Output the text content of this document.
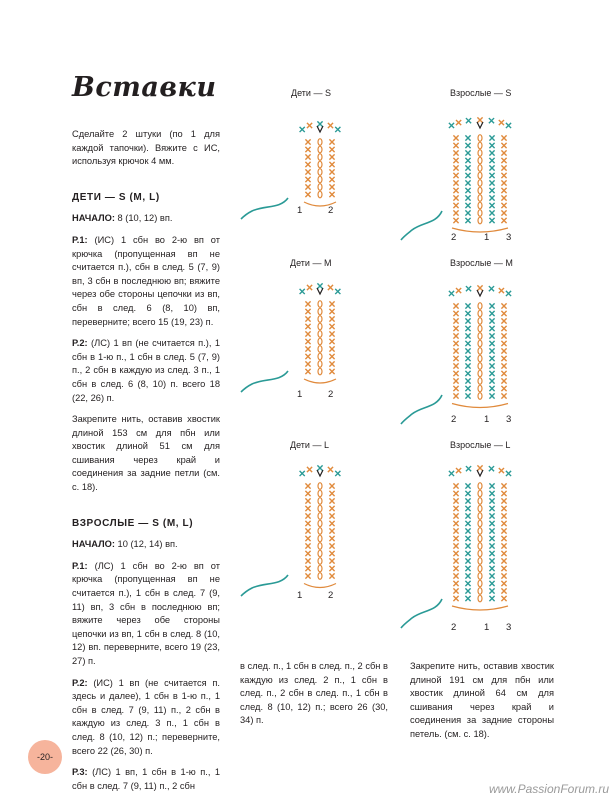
Вставки

Сделайте 2 штуки (по 1 для каждой тапочки). Вяжите с ИС, используя крючок 4 мм.

ДЕТИ — S (M, L)

НАЧАЛО: 8 (10, 12) вп.

Р.1: (ИС) 1 сбн во 2-ю вп от крючка (пропущенная вп не считается п.), сбн в след. 5 (7, 9) вп, 3 сбн в последнюю вп; вяжите через обе стороны цепочки из вп, сбн в след. 6 (8, 10) вп, переверните; всего 15 (19, 23) п.

Р.2: (ЛС) 1 вп (не считается п.), 1 сбн в 1-ю п., 1 сбн в след. 5 (7, 9) п., 2 сбн в каждую из след. 3 п., 1 сбн в след. 6 (8, 10) п. всего 18 (22, 26) п.

Закрепите нить, оставив хвостик длиной 153 см для пбн или хвостик длиной 51 см для сшивания через край и соединения за задние петли (см. с. 18).

ВЗРОСЛЫЕ — S (M, L)

НАЧАЛО: 10 (12, 14) вп.

Р.1: (ЛС) 1 сбн во 2-ю вп от крючка (пропущенная вп не считается п.), 1 сбн в след. 7 (9, 11) вп, 3 сбн в последнюю вп; вяжите через обе стороны цепочки из вп, 1 сбн в след. 8 (10, 12) вп. переверните, всего 19 (23, 27) п.

Р.2: (ИС) 1 вп (не считается п. здесь и далее), 1 сбн в 1-ю п., 1 сбн в след. 7 (9, 11) п., 2 сбн в каждую из след. 3 п., 1 сбн в след. 8 (10, 12) п.; переверните, всего 22 (26, 30) п.

Р.3: (ЛС) 1 вп, 1 сбн в 1-ю п., 1 сбн в след. 7 (9, 11) п., 2 сбн

в след. п., 1 сбн в след. п., 2 сбн в каждую из след. 2 п., 1 сбн в след. п., 2 сбн в след. п., 1 сбн в след. 8 (10, 12) п.; всего 26 (30, 34) п.
Закрепите нить, оставив хвостик длиной 191 см для пбн или хвостик длиной 64 см для сшивания через край и соединения за задние стороны петель. (см. с. 18).
Дети — S
Дети — M
Дети — L
Взрослые — S
Взрослые — M
Взрослые — L
1	2
1	2
1	2
2	1 3
2	1 3
2	1 3
-20-
www.PassionForum.ru
